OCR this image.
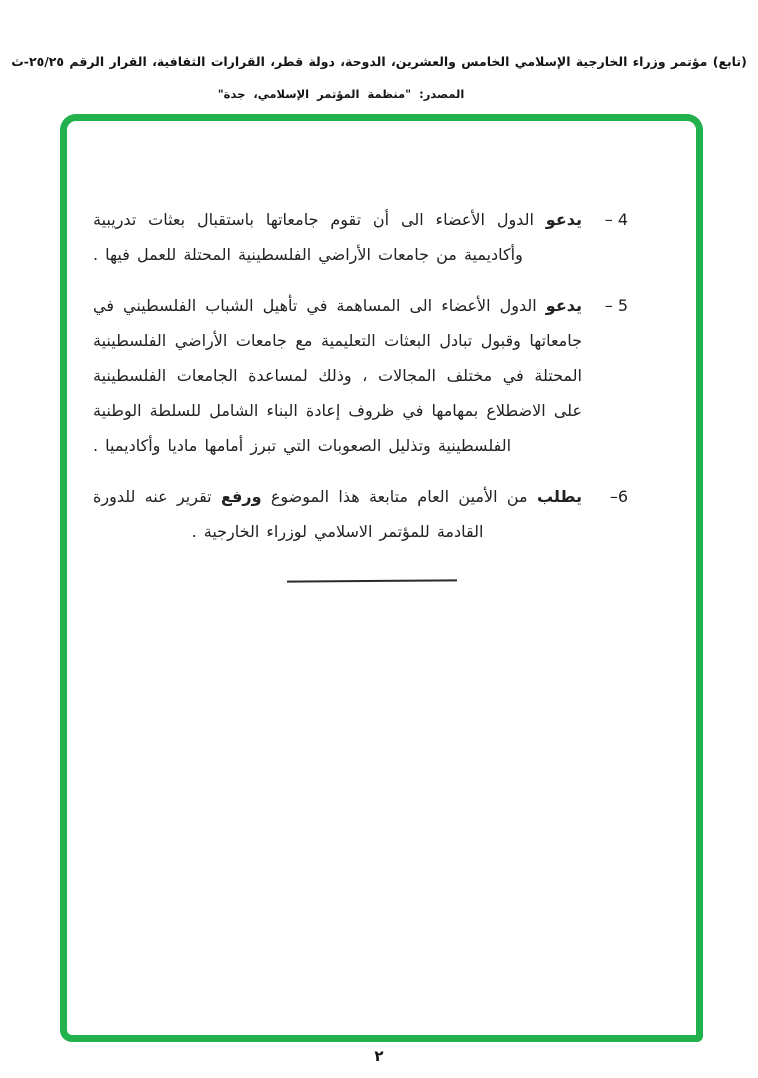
(تابع) مؤتمر وزراء الخارجية الإسلامي الخامس والعشرين، الدوحة، دولة قطر، القرارات الثقافية، القرار الرقم ٢٥/٢٥-ث
المصدر: "منظمة المؤتمر الإسلامي، جدة"
4 –
يدعو الدول الأعضاء الى أن تقوم جامعاتها باستقبال بعثات تدريبية وأكاديمية من جامعات الأراضي الفلسطينية المحتلة للعمل فيها .
5 –
يدعو الدول الأعضاء الى المساهمة في تأهيل الشباب الفلسطيني في جامعاتها وقبول تبادل البعثات التعليمية مع جامعات الأراضي الفلسطينية المحتلة في مختلف المجالات ، وذلك لمساعدة الجامعات الفلسطينية على الاضطلاع بمهامها في ظروف إعادة البناء الشامل للسلطة الوطنية الفلسطينية وتذليل الصعوبات التي تبرز أمامها ماديا وأكاديميا .
6–
يطلب من الأمين العام متابعة هذا الموضوع ورفع تقرير عنه للدورة القادمة للمؤتمر الاسلامي لوزراء الخارجية .
٢
